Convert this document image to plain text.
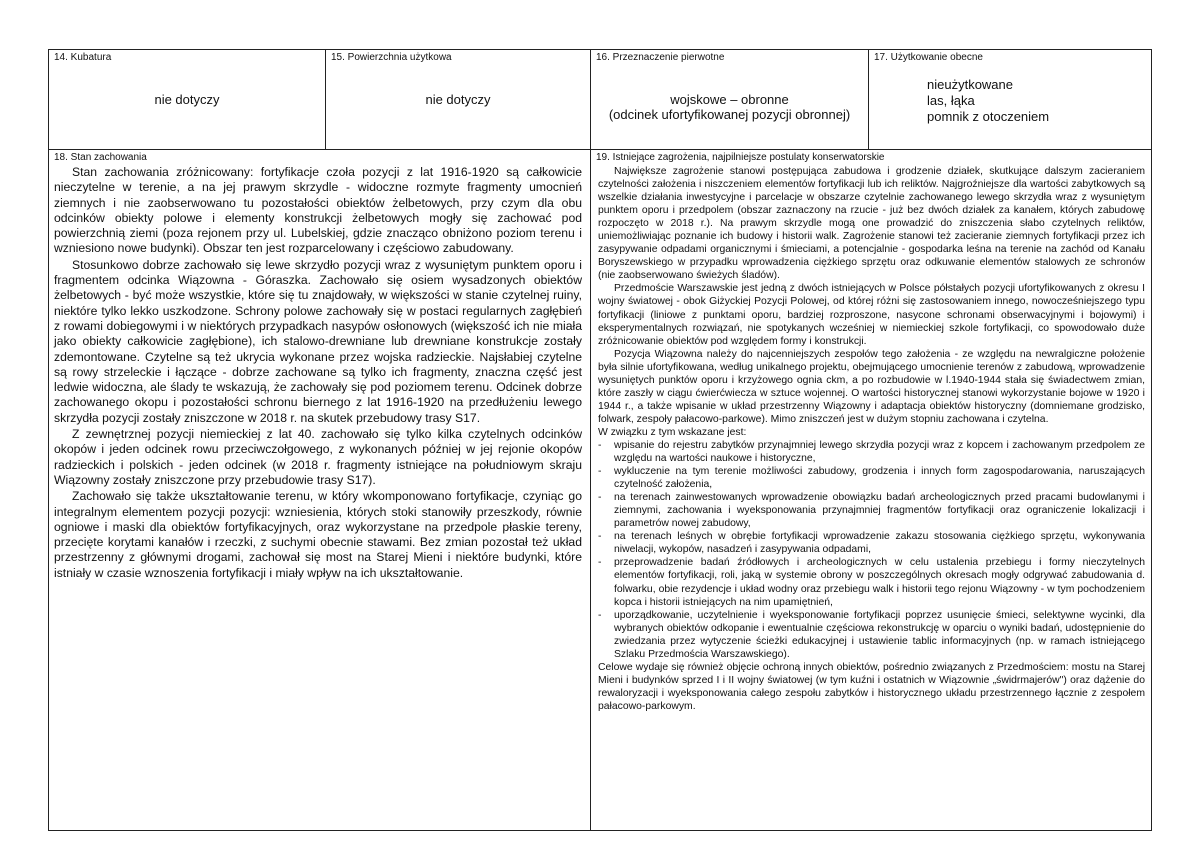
14. Kubatura
nie dotyczy
15. Powierzchnia użytkowa
nie dotyczy
16. Przeznaczenie pierwotne
wojskowe – obronne
(odcinek ufortyfikowanej pozycji obronnej)
17. Użytkowanie obecne
nieużytkowane
las, łąka
pomnik z otoczeniem
18. Stan zachowania

Stan zachowania zróżnicowany: fortyfikacje czoła pozycji z lat 1916-1920 są całkowicie nieczytelne w terenie, a na jej prawym skrzydle - widoczne rozmyte fragmenty umocnień ziemnych i nie zaobserwowano tu pozostałości obiektów żelbetowych, przy czym dla obu odcinków obiekty polowe i elementy konstrukcji żelbetowych mogły się zachować pod powierzchnią ziemi (poza rejonem przy ul. Lubelskiej, gdzie znacząco obniżono poziom terenu i wzniesiono nowe budynki). Obszar ten jest rozparcelowany i częściowo zabudowany.

Stosunkowo dobrze zachowało się lewe skrzydło pozycji wraz z wysuniętym punktem oporu i fragmentem odcinka Wiązowna - Góraszka. Zachowało się osiem wysadzonych obiektów żelbetowych - być może wszystkie, które się tu znajdowały, w większości w stanie czytelnej ruiny, niektóre tylko lekko uszkodzone. Schrony polowe zachowały się w postaci regularnych zagłębień z rowami dobiegowymi i w niektórych przypadkach nasypów osłonowych (większość ich nie miała jako obiekty całkowicie zagłębione), ich stalowo-drewniane lub drewniane konstrukcje zostały zdemontowane. Czytelne są też ukrycia wykonane przez wojska radzieckie. Najsłabiej czytelne są rowy strzeleckie i łączące - dobrze zachowane są tylko ich fragmenty, znaczna część jest ledwie widoczna, ale ślady te wskazują, że zachowały się pod poziomem terenu. Odcinek dobrze zachowanego okopu i pozostałości schronu biernego z lat 1916-1920 na przedłużeniu lewego skrzydła pozycji zostały zniszczone w 2018 r. na skutek przebudowy trasy S17.

Z zewnętrznej pozycji niemieckiej z lat 40. zachowało się tylko kilka czytelnych odcinków okopów i jeden odcinek rowu przeciwczołgowego, z wykonanych później w jej rejonie okopów radzieckich i polskich - jeden odcinek (w 2018 r. fragmenty istniejące na południowym skraju Wiązowny zostały zniszczone przy przebudowie trasy S17).

Zachowało się także ukształtowanie terenu, w który wkomponowano fortyfikacje, czyniąc go integralnym elementem pozycji pozycji: wzniesienia, których stoki stanowiły przeszkody, równie ogniowe i maski dla obiektów fortyfikacyjnych, oraz wykorzystane na przedpole płaskie tereny, przecięte korytami kanałów i rzeczki, z suchymi obecnie stawami. Bez zmian pozostał też układ przestrzenny z głównymi drogami, zachował się most na Starej Mieni i niektóre budynki, które istniały w czasie wznoszenia fortyfikacji i miały wpływ na ich ukształtowanie.

19. Istniejące zagrożenia, najpilniejsze postulaty konserwatorskie

Największe zagrożenie stanowi postępująca zabudowa i grodzenie działek, skutkujące dalszym zacieraniem czytelności założenia i niszczeniem elementów fortyfikacji lub ich reliktów. Najgroźniejsze dla wartości zabytkowych są wszelkie działania inwestycyjne i parcelacje w obszarze czytelnie zachowanego lewego skrzydła wraz z wysuniętym punktem oporu i przedpolem (obszar zaznaczony na rzucie - już bez dwóch działek za kanałem, których zabudowę rozpoczęto w 2018 r.). Na prawym skrzydle mogą one prowadzić do zniszczenia słabo czytelnych reliktów, uniemożliwiając poznanie ich budowy i historii walk. Zagrożenie stanowi też zacieranie ziemnych fortyfikacji przez ich zasypywanie odpadami organicznymi i śmieciami, a potencjalnie - gospodarka leśna na terenie na zachód od Kanału Boryszewskiego w przypadku wprowadzenia ciężkiego sprzętu oraz odkuwanie elementów stalowych ze schronów (nie zaobserwowano świeżych śladów).

Przedmoście Warszawskie jest jedną z dwóch istniejących w Polsce półstałych pozycji ufortyfikowanych z okresu I wojny światowej - obok Giżyckiej Pozycji Polowej, od której różni się zastosowaniem innego, nowocześniejszego typu fortyfikacji (liniowe z punktami oporu, bardziej rozproszone, nasycone schronami obserwacyjnymi i bojowymi) i eksperymentalnych rozwiązań, nie spotykanych wcześniej w niemieckiej szkole fortyfikacji, co spowodowało duże zróżnicowanie obiektów pod względem formy i konstrukcji.

Pozycja Wiązowna należy do najcenniejszych zespołów tego założenia - ze względu na newralgiczne położenie była silnie ufortyfikowana, według unikalnego projektu, obejmującego umocnienie terenów z zabudową, wprowadzenie wysuniętych punktów oporu i krzyżowego ognia ckm, a po rozbudowie w l.1940-1944 stała się świadectwem zmian, które zaszły w ciągu ćwierćwiecza w sztuce wojennej. O wartości historycznej stanowi wykorzystanie bojowe w 1920 i 1944 r., a także wpisanie w układ przestrzenny Wiązowny i adaptacja obiektów historyczny (domniemane grodzisko, folwark, zespoły pałacowo-parkowe). Mimo zniszczeń jest w dużym stopniu zachowana i czytelna.

W związku z tym wskazane jest:

- wpisanie do rejestru zabytków przynajmniej lewego skrzydła pozycji wraz z kopcem i zachowanym przedpolem ze względu na wartości naukowe i historyczne,
- wykluczenie na tym terenie możliwości zabudowy, grodzenia i innych form zagospodarowania, naruszających czytelność założenia,
- na terenach zainwestowanych wprowadzenie obowiązku badań archeologicznych przed pracami budowlanymi i ziemnymi, zachowania i wyeksponowania przynajmniej fragmentów fortyfikacji oraz ograniczenie lokalizacji i parametrów nowej zabudowy,
- na terenach leśnych w obrębie fortyfikacji wprowadzenie zakazu stosowania ciężkiego sprzętu, wykonywania niwelacji, wykopów, nasadzeń i zasypywania odpadami,
- przeprowadzenie badań źródłowych i archeologicznych w celu ustalenia przebiegu i formy nieczytelnych elementów fortyfikacji, roli, jaką w systemie obrony w poszczególnych okresach mogły odgrywać zabudowania d. folwarku, obie rezydencje i układ wodny oraz przebiegu walk i historii tego rejonu Wiązowny - w tym pochodzeniem kopca i historii istniejących na nim upamiętnień,
- uporządkowanie, uczytelnienie i wyeksponowanie fortyfikacji poprzez usunięcie śmieci, selektywne wycinki, dla wybranych obiektów odkopanie i ewentualnie częściowa rekonstrukcję w oparciu o wyniki badań, udostępnienie do zwiedzania przez wytyczenie ścieżki edukacyjnej i ustawienie tablic informacyjnych (np. w ramach istniejącego Szlaku Przedmościa Warszawskiego).

Celowe wydaje się również objęcie ochroną innych obiektów, pośrednio związanych z Przedmościem: mostu na Starej Mieni i budynków sprzed I i II wojny światowej (w tym kuźni i ostatnich w Wiązownie „świdrmajerów") oraz dążenie do rewaloryzacji i wyeksponowania całego zespołu zabytków i historycznego układu przestrzennego łącznie z zespołem pałacowo-parkowym.
